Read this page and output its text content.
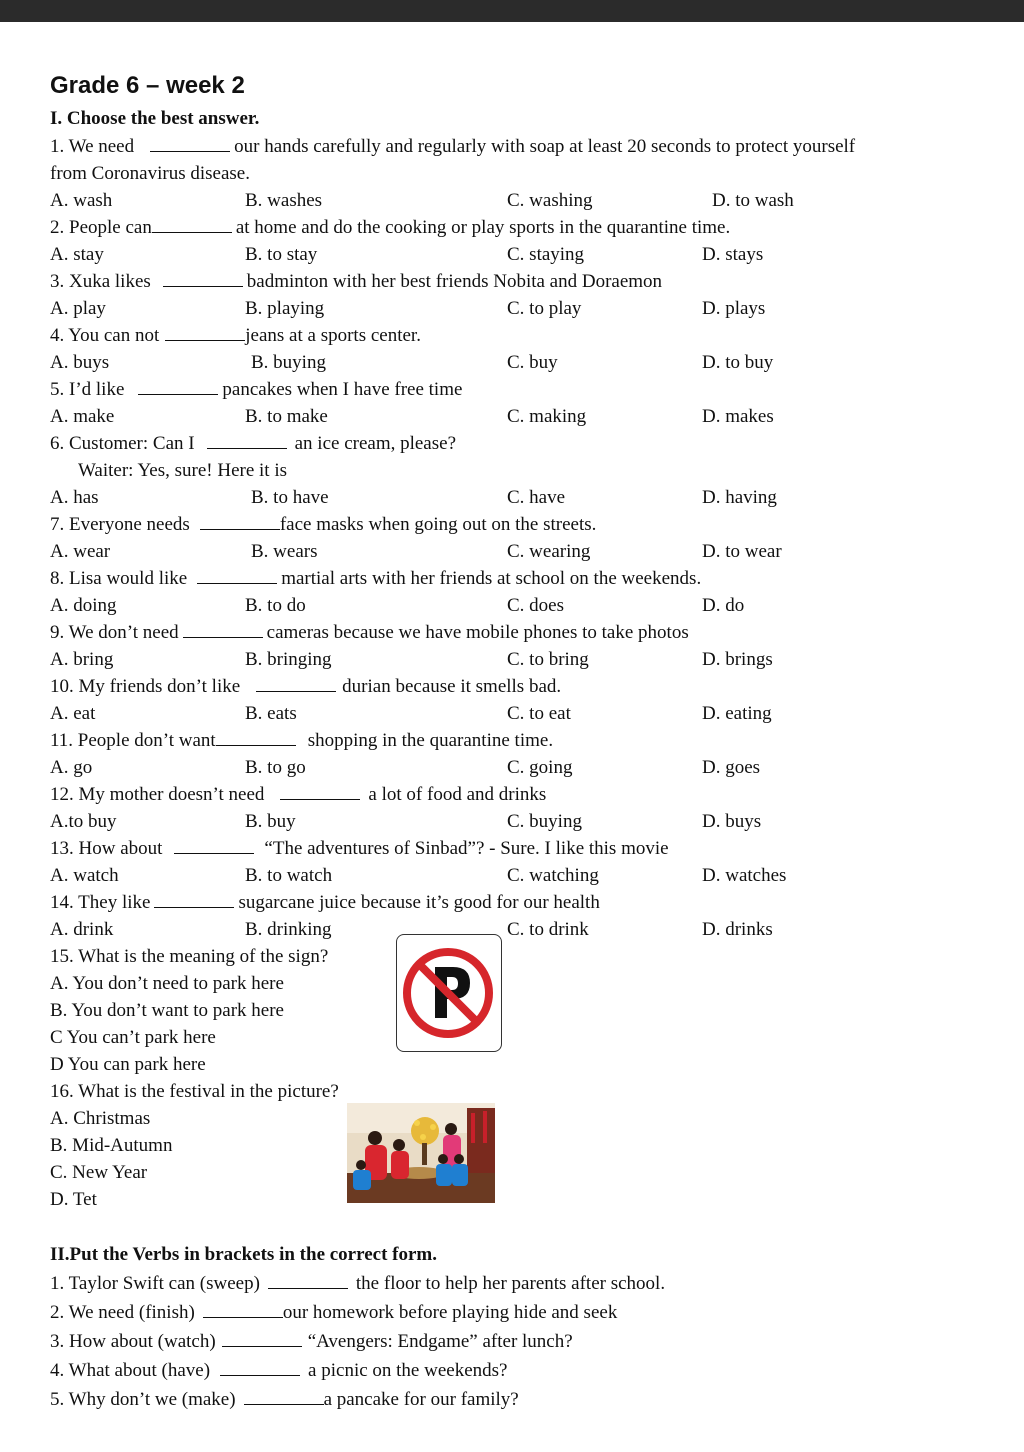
Grade 6 – week 2
I. Choose the best answer.
1. We need	our hands carefully and regularly with soap at least 20 seconds to protect yourself
from Coronavirus disease.
A. wash	B. washes	C. washing	D. to wash
2. People can	at home and do the cooking or play sports in the quarantine time.
A. stay	B. to stay	C. staying	D. stays
3. Xuka likes	badminton with her best friends Nobita and Doraemon
A. play	B. playing	C. to play	D. plays
4. You can not	jeans at a sports center.
A. buys	B. buying	C. buy	D. to buy
5. I’d like	pancakes when I have free time
A. make	B. to make	C. making	D. makes
6. Customer: Can I	an ice cream, please?
Waiter: Yes, sure! Here it is
A. has	B. to have	C. have	D. having
7. Everyone needs	face masks when going out on the streets.
A. wear	B. wears	C. wearing	D. to wear
8. Lisa would like	martial arts with her friends at school on the weekends.
A. doing	B. to do	C. does	D. do
9. We don’t need	cameras because we have mobile phones to take photos
A. bring	B. bringing	C. to bring	D. brings
10. My friends don’t like	durian because it smells bad.
A. eat	B. eats	C. to eat	D. eating
11. People don’t want	shopping in the quarantine time.
A. go	B. to go	C. going	D. goes
12. My mother doesn’t need	a lot of food and drinks
A.to buy	B. buy	C. buying	D. buys
13. How about	“The adventures of Sinbad”? - Sure. I like this movie
A. watch	B. to watch	C. watching	D. watches
14. They like	sugarcane juice because it’s good for our health
A. drink	B. drinking	C. to drink	D. drinks
15. What is the meaning of the sign?
A. You don’t need to park here
B. You don’t want to park here
C You can’t park here
D You can park here
16. What is the festival in the picture?
A. Christmas
B. Mid-Autumn
C. New Year
D. Tet
II.Put the Verbs in brackets in the correct form.
1. Taylor Swift can (sweep)	the floor to help her parents after school.
2. We need (finish)	our homework before playing hide and seek
3. How about (watch)	“Avengers: Endgame” after lunch?
4. What about (have)	a picnic on the weekends?
5. Why don’t we (make)	a pancake for our family?
